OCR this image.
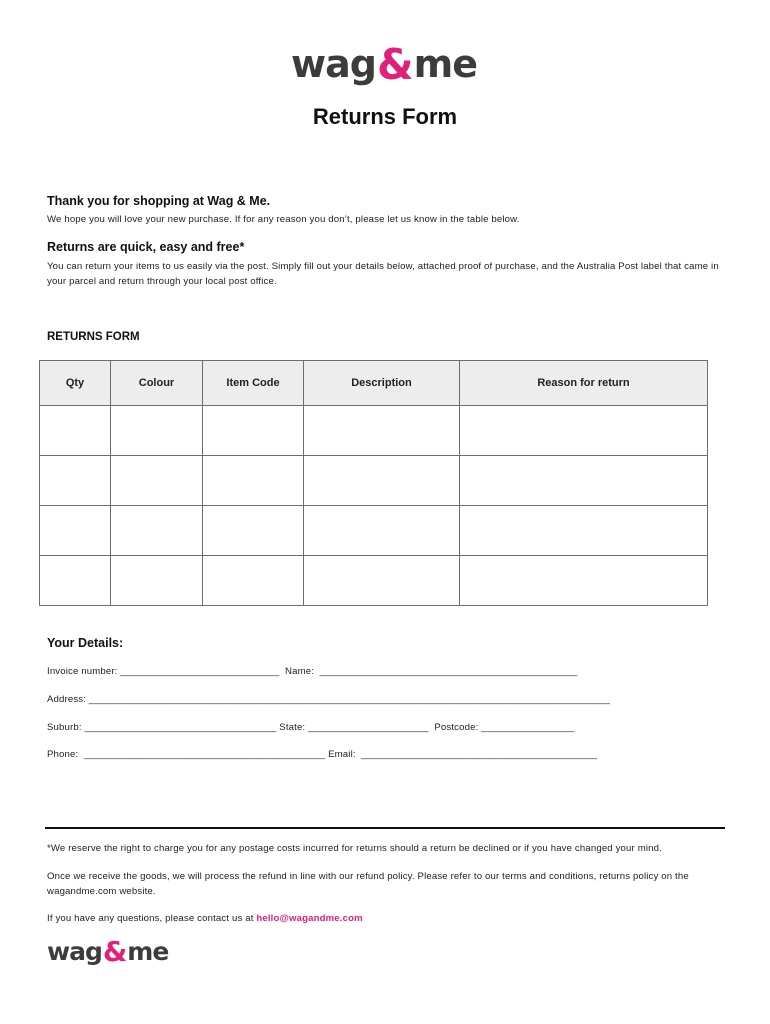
wag & me
Returns Form
Thank you for shopping at Wag & Me.
We hope you will love your new purchase. If for any reason you don’t, please let us know in the table below.
Returns are quick, easy and free*
You can return your items to us easily via the post. Simply fill out your details below, attached proof of purchase, and the Australia Post label that came in your parcel and return through your local post office.
RETURNS FORM
Qty	Colour	Item Code	Description	Reason for return

Your Details:
Invoice number: _____________________________  Name:  _______________________________________________
Address: _______________________________________________________________________________________________
Suburb: ___________________________________ State: ______________________  Postcode: _________________
Phone:  ____________________________________________ Email:  ___________________________________________
*We reserve the right to charge you for any postage costs incurred for returns should a return be declined or if you have changed your mind.
Once we receive the goods, we will process the refund in line with our refund policy. Please refer to our terms and conditions, returns policy on the wagandme.com website.
If you have any questions, please contact us at hello@wagandme.com
wag & me
